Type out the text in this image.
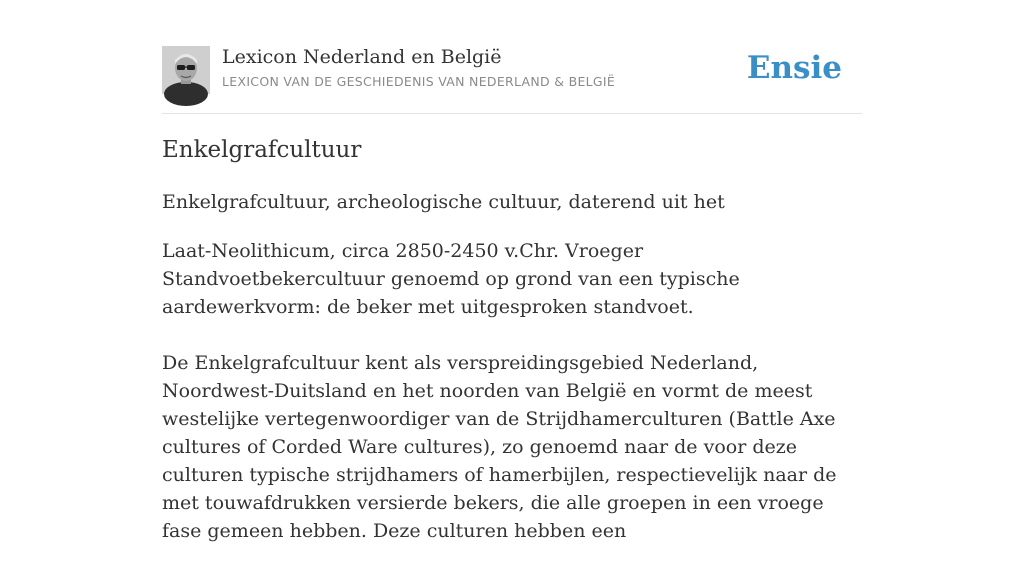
Lexicon Nederland en België
LEXICON VAN DE GESCHIEDENIS VAN NEDERLAND & BELGIË	Ensie
Enkelgrafcultuur

Enkelgrafcultuur, archeologische cultuur, daterend uit het

Laat-Neolithicum, circa 2850-2450 v.Chr. Vroeger Standvoetbekercultuur genoemd op grond van een typische aardewerkvorm: de beker met uitgesproken standvoet.

De Enkelgrafcultuur kent als verspreidingsgebied Nederland, Noordwest-Duitsland en het noorden van België en vormt de meest westelijke vertegenwoordiger van de Strijdhamerculturen (Battle Axe cultures of Corded Ware cultures), zo genoemd naar de voor deze culturen typische strijdhamers of hamerbijlen, respectievelijk naar de met touwafdrukken versierde bekers, die alle groepen in een vroege fase gemeen hebben. Deze culturen hebben een
